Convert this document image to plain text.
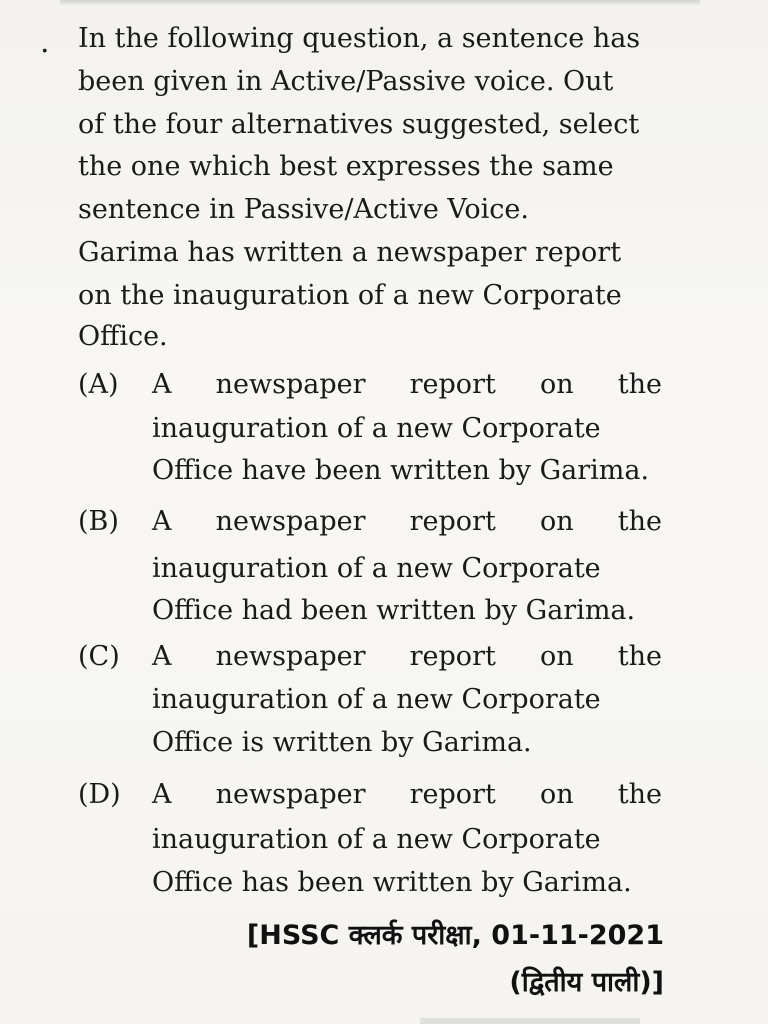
. In the following question, a sentence has
been given in Active/Passive voice. Out
of the four alternatives suggested, select
the one which best expresses the same
sentence in Passive/Active Voice.
Garima has written a newspaper report
on the inauguration of a new Corporate
Office.
(A) A newspaper report on the
inauguration of a new Corporate
Office have been written by Garima.
(B) A newspaper report on the
inauguration of a new Corporate
Office had been written by Garima.
(C) A newspaper report on the
inauguration of a new Corporate
Office is written by Garima.
(D) A newspaper report on the
inauguration of a new Corporate
Office has been written by Garima.
[HSSC क्लर्क परीक्षा, 01-11-2021
(द्वितीय पाली)]
